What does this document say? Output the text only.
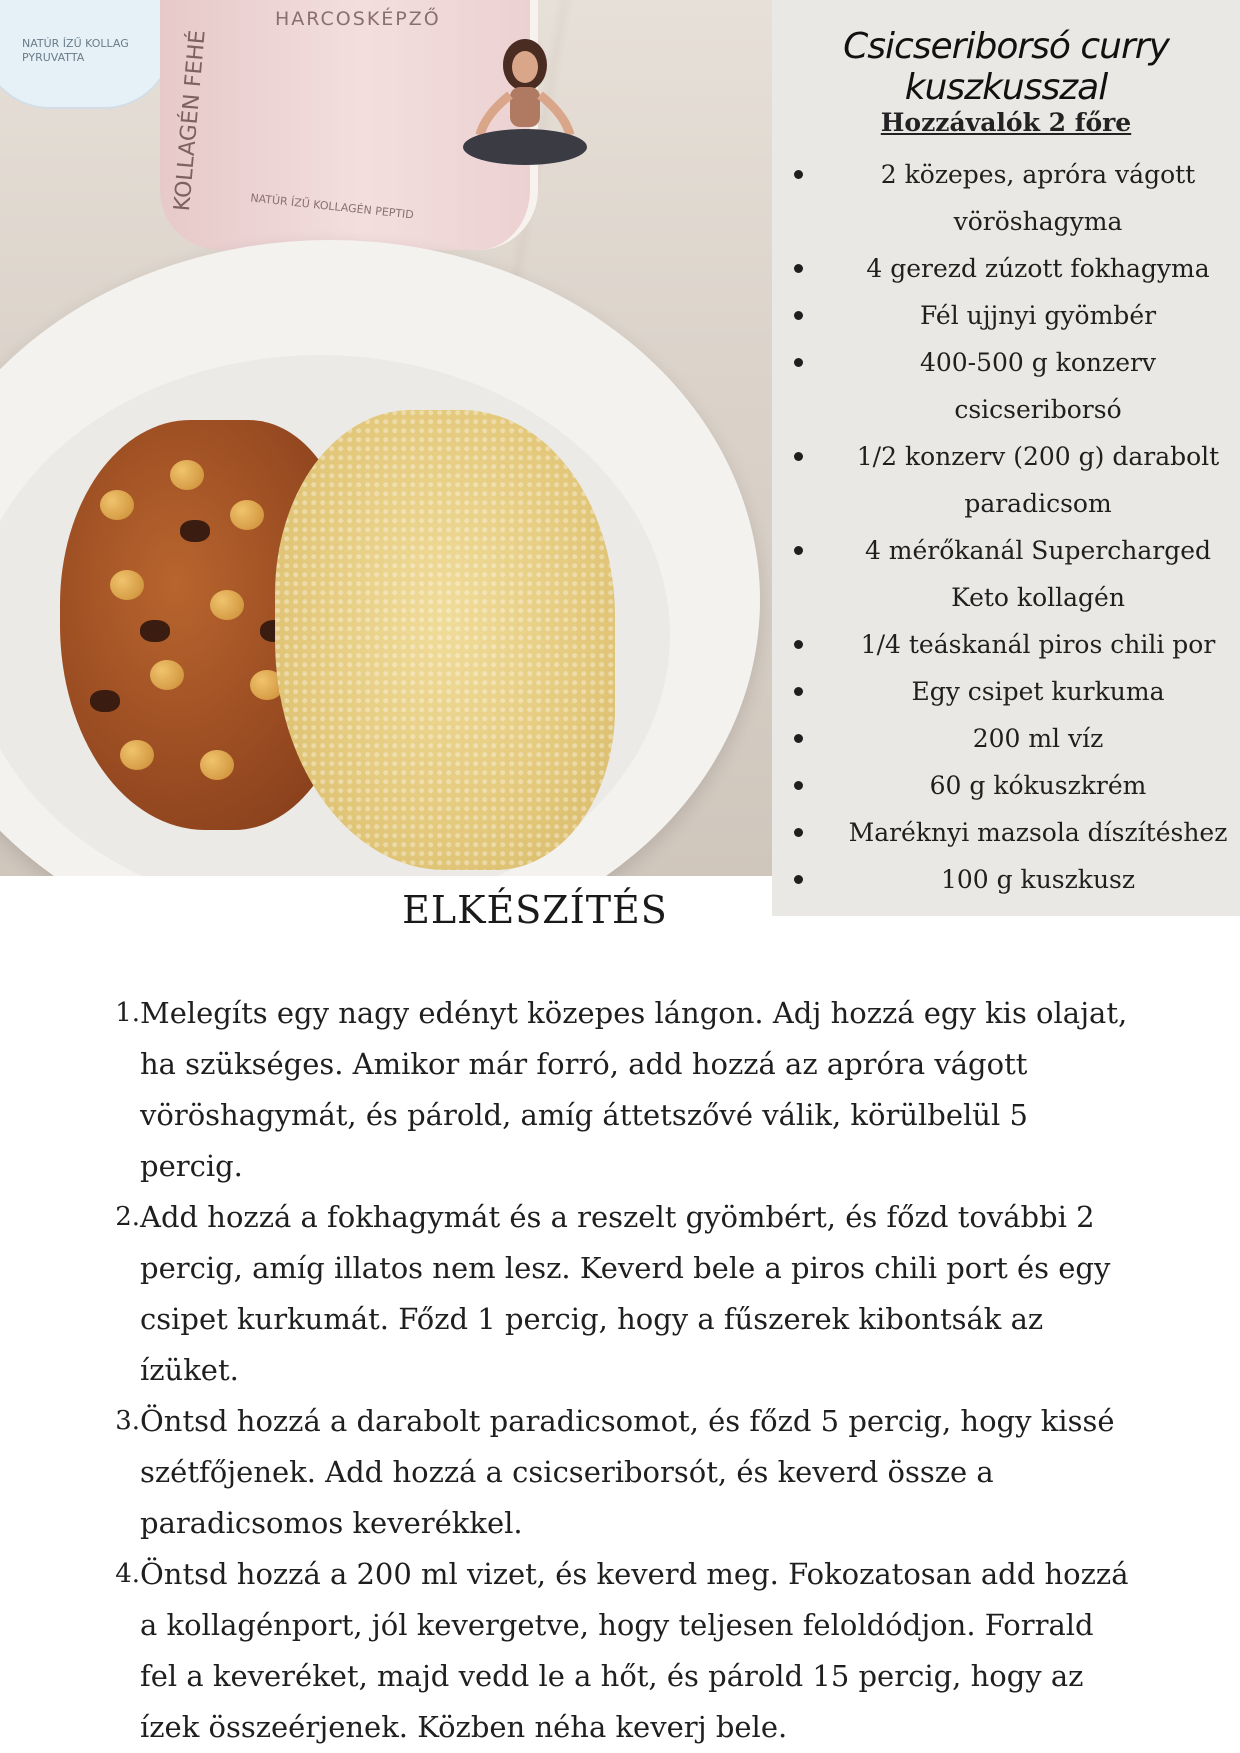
NATÚR ÍZŰ KOLLAG
PYRUVATTA
HARCOSKÉPZŐ
KOLLAGÉN FEHÉ	NATÚR ÍZŰ KOLLAGÉN PEPTID
Csicseriborsó curry kuszkusszal
Hozzávalók 2 főre
2 közepes, apróra vágott vöröshagyma
4 gerezd zúzott fokhagyma
Fél ujjnyi gyömbér
400-500 g konzerv csicseriborsó
1/2 konzerv (200 g) darabolt paradicsom
4 mérőkanál Supercharged Keto kollagén
1/4 teáskanál piros chili por
Egy csipet kurkuma
200 ml víz
60 g kókuszkrém
Maréknyi mazsola díszítéshez
100 g kuszkusz
ELKÉSZÍTÉS
1. Melegíts egy nagy edényt közepes lángon. Adj hozzá egy kis olajat, ha szükséges. Amikor már forró, add hozzá az apróra vágott vöröshagymát, és párold, amíg áttetszővé válik, körülbelül 5 percig.
2. Add hozzá a fokhagymát és a reszelt gyömbért, és főzd további 2 percig, amíg illatos nem lesz. Keverd bele a piros chili port és egy csipet kurkumát. Főzd 1 percig, hogy a fűszerek kibontsák az ízüket.
3. Öntsd hozzá a darabolt paradicsomot, és főzd 5 percig, hogy kissé szétfőjenek. Add hozzá a csicseriborsót, és keverd össze a paradicsomos keverékkel.
4. Öntsd hozzá a 200 ml vizet, és keverd meg. Fokozatosan add hozzá a kollagénport, jól kevergetve, hogy teljesen feloldódjon. Forrald fel a keveréket, majd vedd le a hőt, és párold 15 percig, hogy az ízek összeérjenek. Közben néha keverj bele.
